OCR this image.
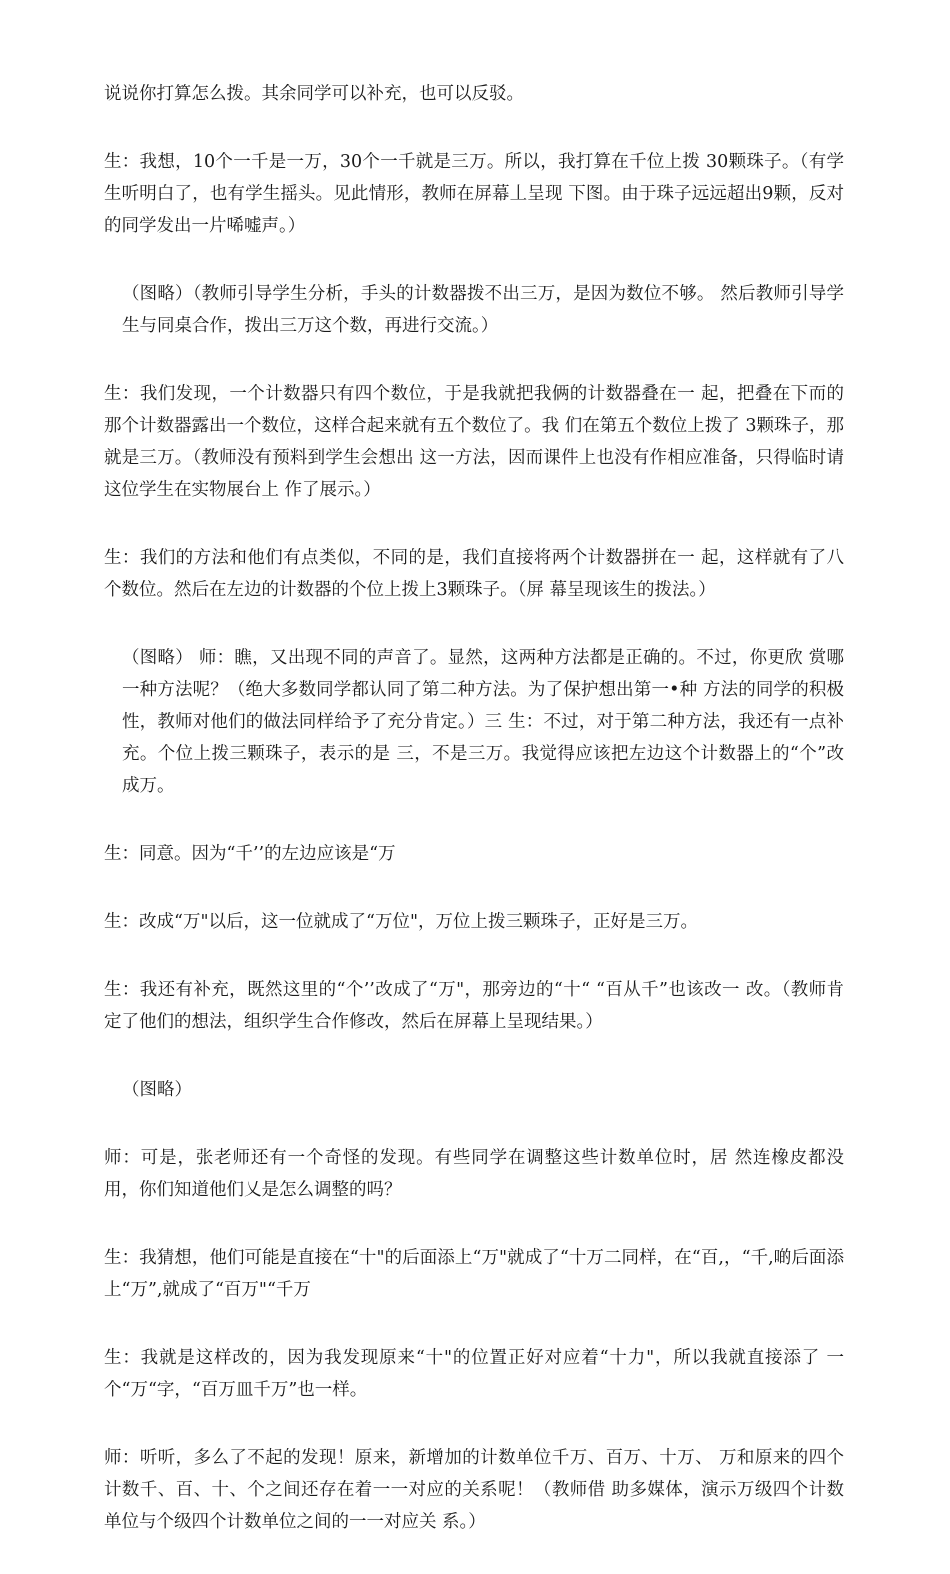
说说你打算怎么拨。其余同学可以补充，也可以反驳。

生：我想，10个一千是一万，30个一千就是三万。所以，我打算在千位上拨 30颗珠子。（有学生听明白了，也有学生摇头。见此情形，教师在屏幕丄呈现 下图。由于珠子远远超出9颗，反对的同学发出一片唏嘘声。）

（图略）（教师引导学生分析，手头的计数器拨不出三万，是因为数位不够。 然后教师引导学生与同桌合作，拨出三万这个数，再进行交流。）

生：我们发现，一个计数器只有四个数位，于是我就把我俩的计数器叠在一 起，把叠在下而的那个计数器露出一个数位，这样合起来就有五个数位了。我 们在第五个数位上拨了 3颗珠子，那就是三万。（教师没有预料到学生会想出 这一方法，因而课件上也没有作相应准备，只得临时请这位学生在实物展台上 作了展示。）

生：我们的方法和他们有点类似，不同的是，我们直接将两个计数器拼在一 起，这样就有了八个数位。然后在左边的计数器的个位上拨上3颗珠子。（屏 幕呈现该生的拨法。）

（图略） 师：瞧，又出现不同的声音了。显然，这两种方法都是正确的。不过，你更欣 赏哪一种方法呢？（绝大多数同学都认同了第二种方法。为了保护想出第一•种 方法的同学的积极性，教师对他们的做法同样给予了充分肯定。）三 生：不过，对于第二种方法，我还有一点补充。个位上拨三颗珠子，表示的是 三，不是三万。我觉得应该把左边这个计数器上的“个”改成万。

生：同意。因为“千’’的左边应该是“万

生：改成“万"以后，这一位就成了“万位"，万位上拨三颗珠子，正好是三万。

生：我还有补充，既然这里的“个’’改成了“万"，那旁边的“十“ “百从千”也该改一 改。（教师肯定了他们的想法，组织学生合作修改，然后在屏幕上呈现结果。）

（图略）

师：可是，张老师还有一个奇怪的发现。有些同学在调整这些计数单位时，居 然连橡皮都没用，你们知道他们乂是怎么调整的吗？

生：我猜想，他们可能是直接在“十"的后面添上“万"就成了“十万二同样，在“百,，“千,啲后面添上“万”,就成了“百万"“千万

生：我就是这样改的，因为我发现原来“十"的位置正好对应着“十力"，所以我就直接添了 一个“万“字，“百万皿千万”也一样。

师：听听，多么了不起的发现！原来，新增加的计数单位千万、百万、十万、 万和原来的四个计数千、百、十、个之间还存在着一一对应的关系呢！（教师借 助多媒体，演示万级四个计数单位与个级四个计数单位之间的一一对应关 系。）
